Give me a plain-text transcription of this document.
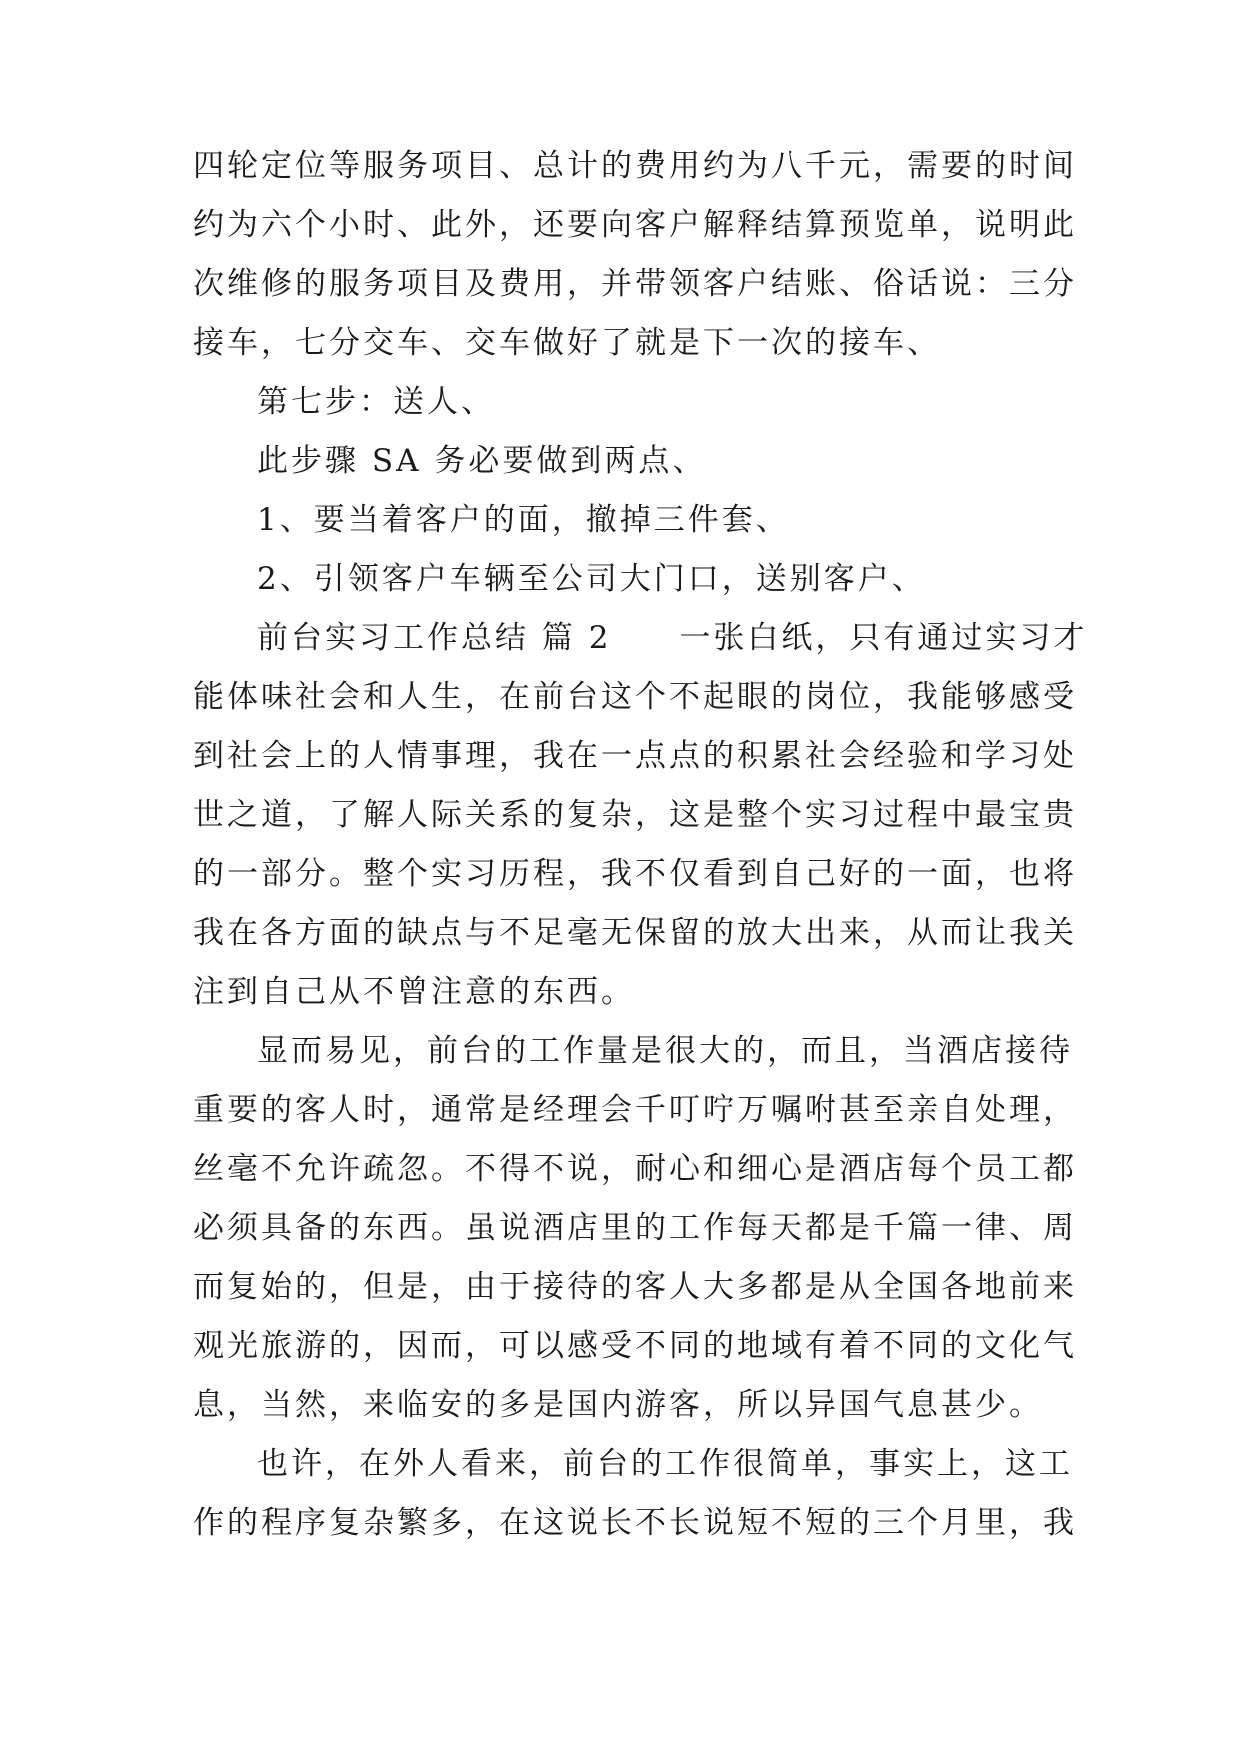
四轮定位等服务项目、总计的费用约为八千元，需要的时间
约为六个小时、此外，还要向客户解释结算预览单，说明此
次维修的服务项目及费用，并带领客户结账、俗话说：三分
接车，七分交车、交车做好了就是下一次的接车、
第七步：送人、
此步骤 SA 务必要做到两点、
1、要当着客户的面，撤掉三件套、
2、引领客户车辆至公司大门口，送别客户、
前台实习工作总结 篇 2　　一张白纸，只有通过实习才
能体味社会和人生，在前台这个不起眼的岗位，我能够感受
到社会上的人情事理，我在一点点的积累社会经验和学习处
世之道，了解人际关系的复杂，这是整个实习过程中最宝贵
的一部分。整个实习历程，我不仅看到自己好的一面，也将
我在各方面的缺点与不足毫无保留的放大出来，从而让我关
注到自己从不曾注意的东西。
显而易见，前台的工作量是很大的，而且，当酒店接待
重要的客人时，通常是经理会千叮咛万嘱咐甚至亲自处理，
丝毫不允许疏忽。不得不说，耐心和细心是酒店每个员工都
必须具备的东西。虽说酒店里的工作每天都是千篇一律、周
而复始的，但是，由于接待的客人大多都是从全国各地前来
观光旅游的，因而，可以感受不同的地域有着不同的文化气
息，当然，来临安的多是国内游客，所以异国气息甚少。
也许，在外人看来，前台的工作很简单，事实上，这工
作的程序复杂繁多，在这说长不长说短不短的三个月里，我
